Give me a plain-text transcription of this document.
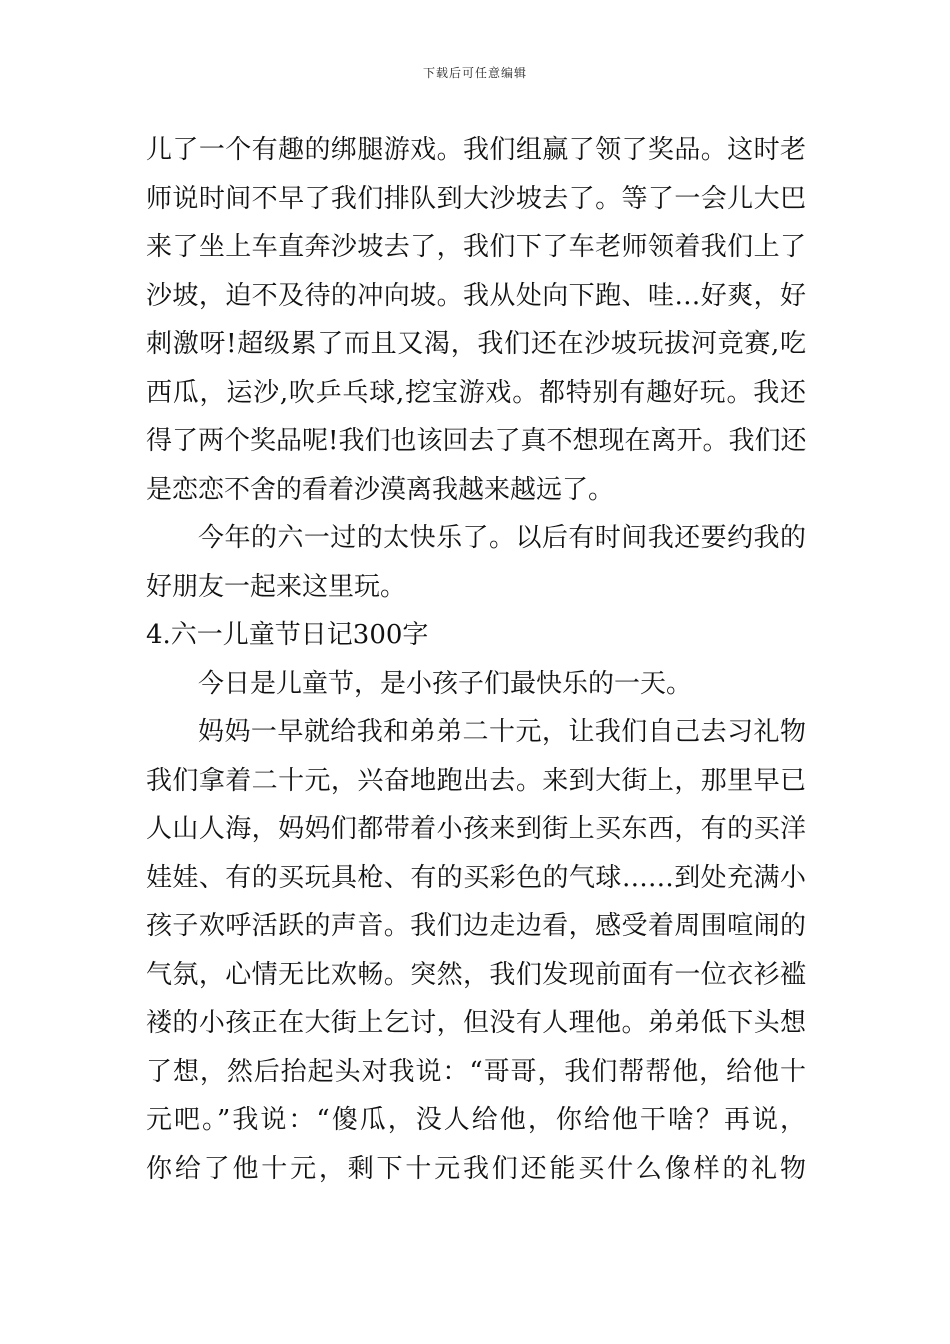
下载后可任意编辑
儿了一个有趣的绑腿游戏。我们组赢了领了奖品。这时老
师说时间不早了我们排队到大沙坡去了。等了一会儿大巴
来了坐上车直奔沙坡去了，我们下了车老师领着我们上了
沙坡，迫不及待的冲向坡。我从处向下跑、哇…好爽，好
刺激呀!超级累了而且又渴，我们还在沙坡玩拔河竞赛,吃
西瓜，运沙,吹乒乓球,挖宝游戏。都特别有趣好玩。我还
得了两个奖品呢!我们也该回去了真不想现在离开。我们还
是恋恋不舍的看着沙漠离我越来越远了。
今年的六一过的太快乐了。以后有时间我还要约我的
好朋友一起来这里玩。
4.六一儿童节日记300字
今日是儿童节，是小孩子们最快乐的一天。
妈妈一早就给我和弟弟二十元，让我们自己去习礼物
我们拿着二十元，兴奋地跑出去。来到大街上，那里早已
人山人海，妈妈们都带着小孩来到街上买东西，有的买洋
娃娃、有的买玩具枪、有的买彩色的气球……到处充满小
孩子欢呼活跃的声音。我们边走边看，感受着周围喧闹的
气氛，心情无比欢畅。突然，我们发现前面有一位衣衫褴
褛的小孩正在大街上乞讨，但没有人理他。弟弟低下头想
了想，然后抬起头对我说：“哥哥，我们帮帮他，给他十
元吧。”我说：“傻瓜，没人给他，你给他干啥？再说，
你给了他十元，剩下十元我们还能买什么像样的礼物
